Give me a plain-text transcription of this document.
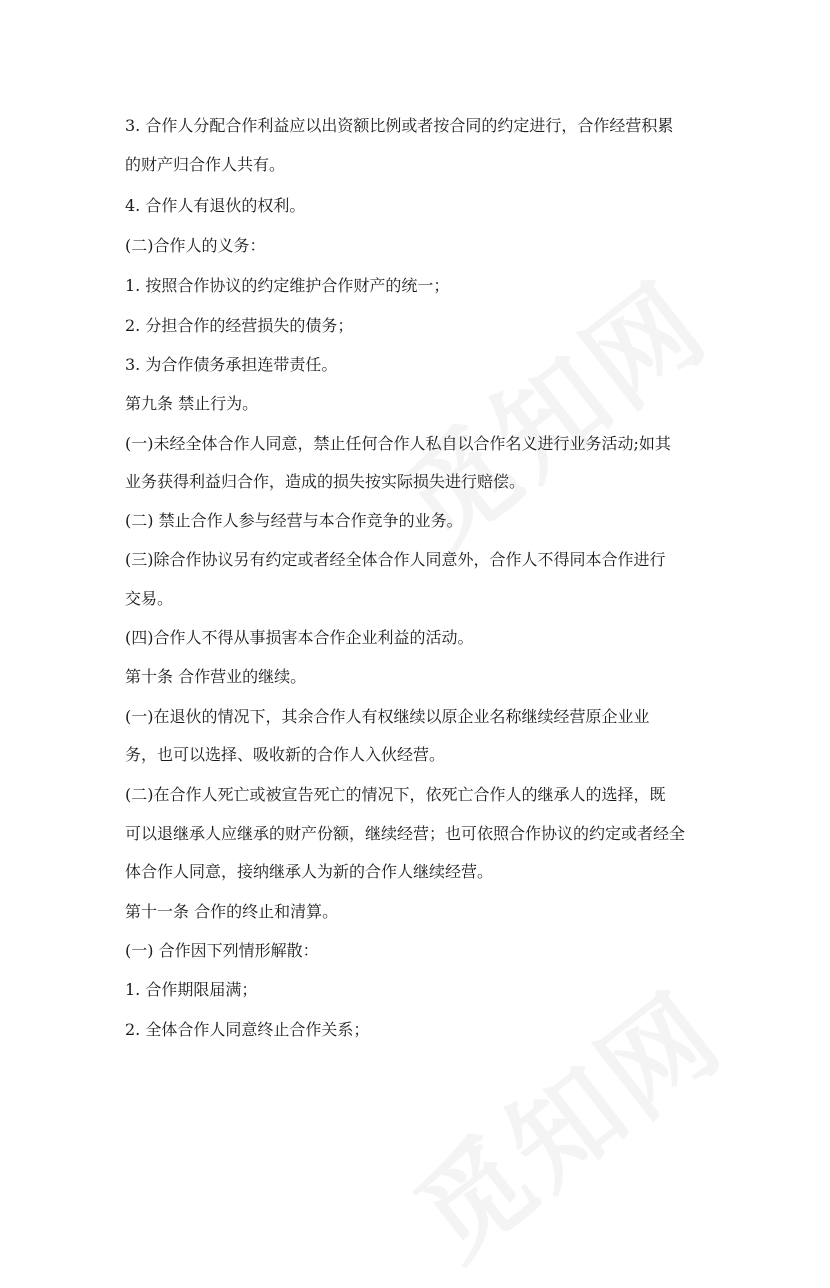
3. 合作人分配合作利益应以出资额比例或者按合同的约定进行，合作经营积累

的财产归合作人共有。

4. 合作人有退伙的权利。

(二)合作人的义务：

1. 按照合作协议的约定维护合作财产的统一；

2. 分担合作的经营损失的债务；

3. 为合作债务承担连带责任。

第九条 禁止行为。

(一)未经全体合作人同意，禁止任何合作人私自以合作名义进行业务活动;如其

业务获得利益归合作，造成的损失按实际损失进行赔偿。

(二) 禁止合作人参与经营与本合作竞争的业务。

(三)除合作协议另有约定或者经全体合作人同意外，合作人不得同本合作进行

交易。

(四)合作人不得从事损害本合作企业利益的活动。

第十条 合作营业的继续。

(一)在退伙的情况下，其余合作人有权继续以原企业名称继续经营原企业业

务，也可以选择、吸收新的合作人入伙经营。

(二)在合作人死亡或被宣告死亡的情况下，依死亡合作人的继承人的选择，既

可以退继承人应继承的财产份额，继续经营；也可依照合作协议的约定或者经全

体合作人同意，接纳继承人为新的合作人继续经营。

第十一条 合作的终止和清算。

(一) 合作因下列情形解散：

1. 合作期限届满；

2. 全体合作人同意终止合作关系；
